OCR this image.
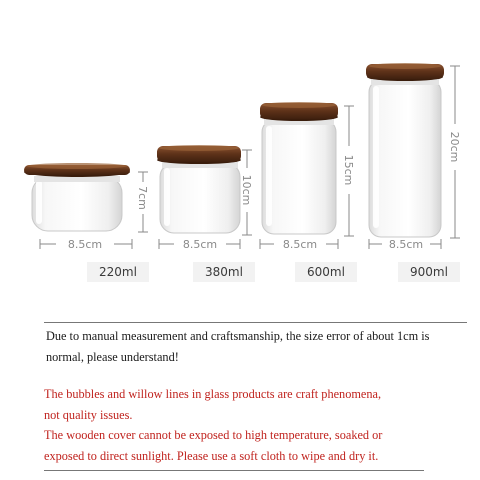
8.5cm	8.5cm	8.5cm	8.5cm
7cm	10cm
15cm
20cm
220ml	380ml	600ml	900ml
Due to manual measurement and craftsmanship, the size error of about 1cm is normal, please understand!
The bubbles and willow lines in glass products are craft phenomena,
not quality issues.
The wooden cover cannot be exposed to high temperature, soaked or
exposed to direct sunlight. Please use a soft cloth to wipe and dry it.
